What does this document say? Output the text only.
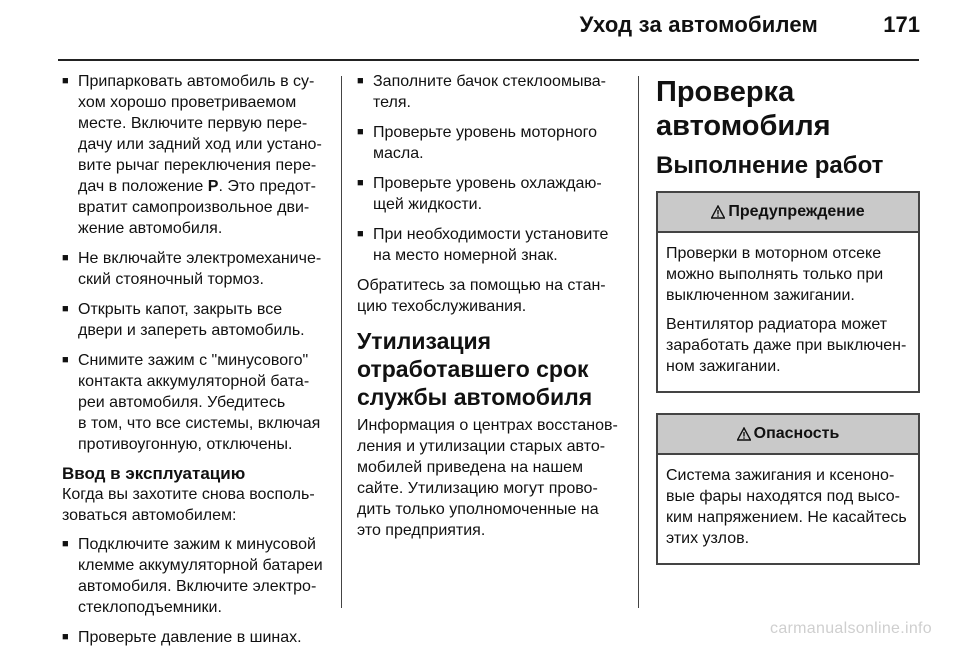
Уход за автомобилем	171
■ Припарковать автомобиль в су-
хом хорошо проветриваемом
месте. Включите первую пере-
дачу или задний ход или устано-
вите рычаг переключения пере-
дач в положение P. Это предот-
вратит самопроизвольное дви-
жение автомобиля.
■ Не включайте электромеханиче-
ский стояночный тормоз.
■ Открыть капот, закрыть все
двери и запереть автомобиль.
■ Снимите зажим с "минусового"
контакта аккумуляторной бата-
реи автомобиля. Убедитесь
в том, что все системы, включая
противоугонную, отключены.
Ввод в эксплуатацию
Когда вы захотите снова восполь-
зоваться автомобилем:
■ Подключите зажим к минусовой
клемме аккумуляторной батареи
автомобиля. Включите электро-
стеклоподъемники.
■ Проверьте давление в шинах.
■ Заполните бачок стеклоомыва-
теля.
■ Проверьте уровень моторного
масла.
■ Проверьте уровень охлаждаю-
щей жидкости.
■ При необходимости установите
на место номерной знак.
Обратитесь за помощью на стан-
цию техобслуживания.
Утилизация
отработавшего срок
службы автомобиля
Информация о центрах восстанов-
ления и утилизации старых авто-
мобилей приведена на нашем
сайте. Утилизацию могут прово-
дить только уполномоченные на
это предприятия.
Проверка автомобиля
Выполнение работ
Предупреждение

Проверки в моторном отсеке
можно выполнять только при
выключенном зажигании.

Вентилятор радиатора может
заработать даже при выключен-
ном зажигании.

Опасность

Система зажигания и ксеноно-
вые фары находятся под высо-
ким напряжением. Не касайтесь
этих узлов.

carmanualsonline.info
